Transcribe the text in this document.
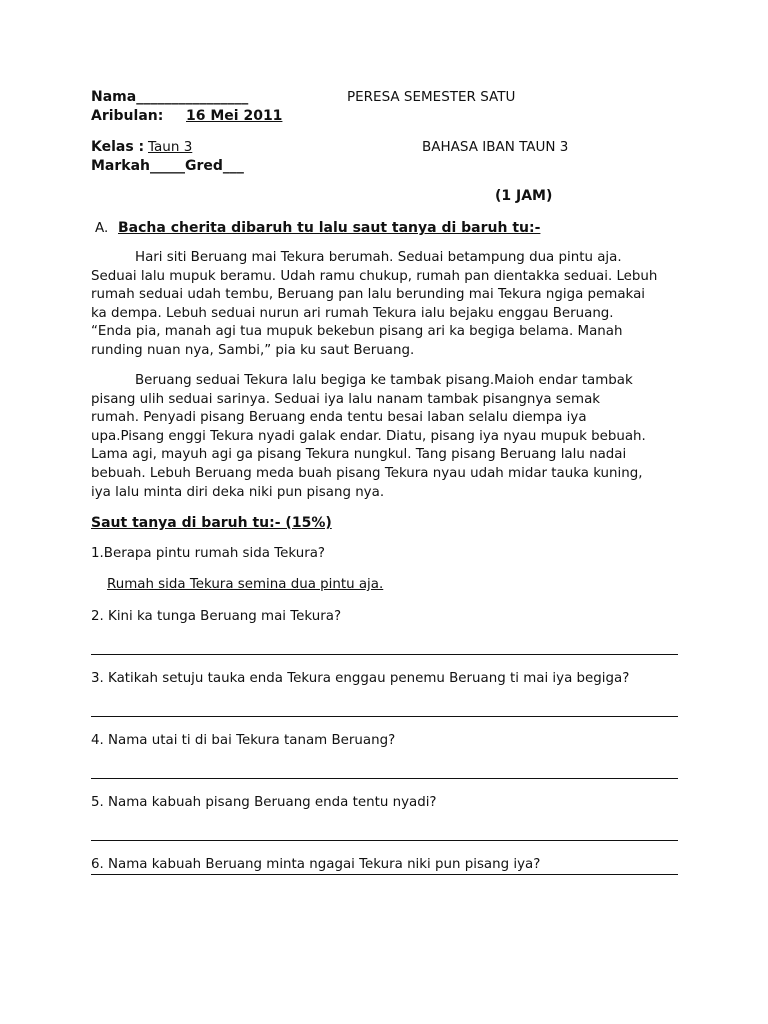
Nama________________	PERESA SEMESTER SATU
Aribulan: 16 Mei 2011
Kelas : Taun 3	BAHASA IBAN TAUN 3
Markah_____Gred___
(1 JAM)
A. Bacha cherita dibaruh tu lalu saut tanya di baruh tu:-
Hari siti Beruang mai Tekura berumah. Seduai betampung dua pintu aja.
Seduai lalu mupuk beramu. Udah ramu chukup, rumah pan dientakka seduai. Lebuh
rumah seduai udah tembu, Beruang pan lalu berunding mai Tekura ngiga pemakai
ka dempa. Lebuh seduai nurun ari rumah Tekura ialu bejaku enggau Beruang.
“Enda pia, manah agi tua mupuk bekebun pisang ari ka begiga belama. Manah
runding nuan nya, Sambi,” pia ku saut Beruang.
Beruang seduai Tekura lalu begiga ke tambak pisang.Maioh endar tambak
pisang ulih seduai sarinya. Seduai iya lalu nanam tambak pisangnya semak
rumah. Penyadi pisang Beruang enda tentu besai laban selalu diempa iya
upa.Pisang enggi Tekura nyadi galak endar. Diatu, pisang iya nyau mupuk bebuah.
Lama agi, mayuh agi ga pisang Tekura nungkul. Tang pisang Beruang lalu nadai
bebuah. Lebuh Beruang meda buah pisang Tekura nyau udah midar tauka kuning,
iya lalu minta diri deka niki pun pisang nya.
Saut tanya di baruh tu:- (15%)
1.Berapa pintu rumah sida Tekura?
Rumah sida Tekura semina dua pintu aja.
2. Kini ka tunga Beruang mai Tekura?
3. Katikah setuju tauka enda Tekura enggau penemu Beruang ti mai iya begiga?
4. Nama utai ti di bai Tekura tanam Beruang?
5. Nama kabuah pisang Beruang enda tentu nyadi?
6. Nama kabuah Beruang minta ngagai Tekura niki pun pisang iya?
